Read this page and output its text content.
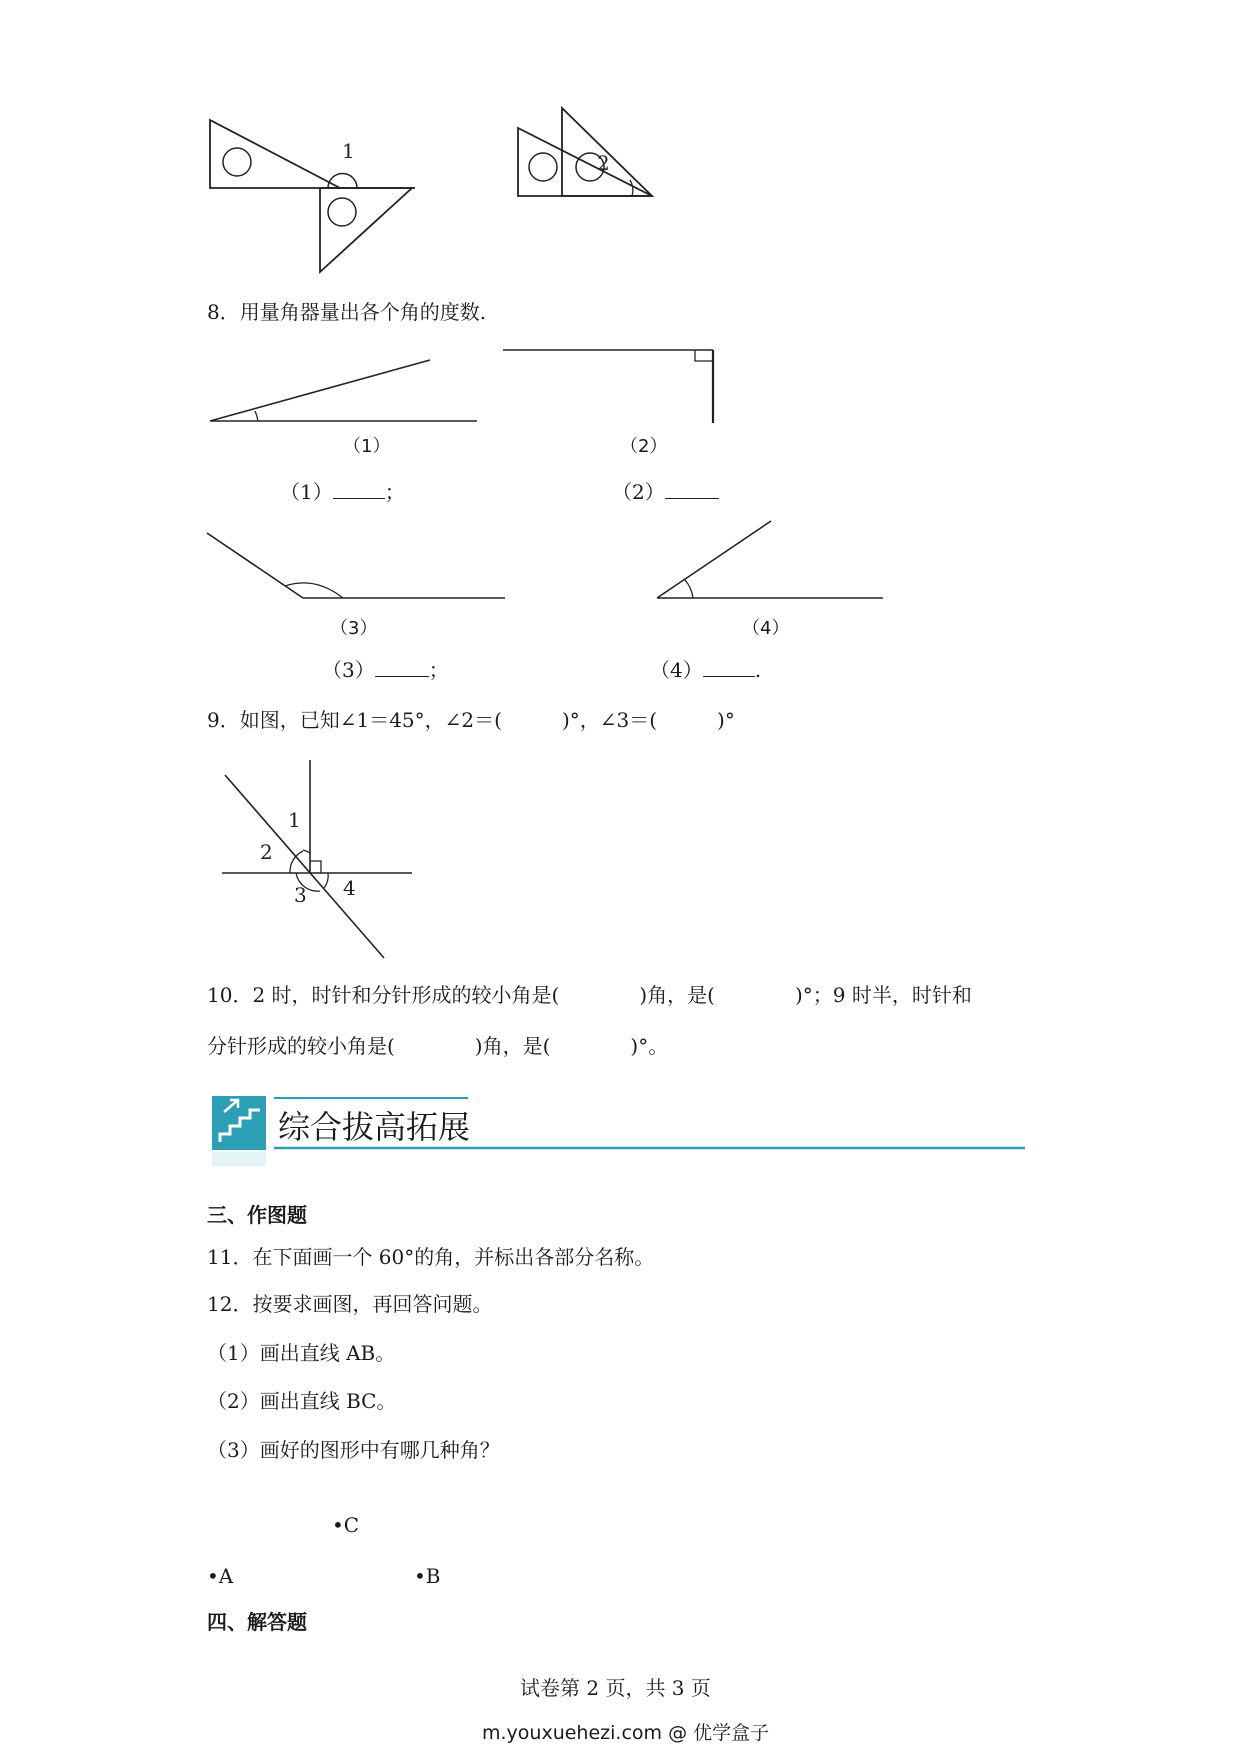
1	2
8．用量角器量出各个角的度数.
（1）	（2）
（1）	；	（2）
（3）	（4）
（3）	；	（4）	.
9．如图，已知∠1＝45°，∠2＝(　　　)°，∠3＝(　　　)°
1
2
3 4
10．2 时，时针和分针形成的较小角是(　　　　)角，是(　　　　)°；9 时半，时针和
分针形成的较小角是(　　　　)角，是(　　　　)°。
综合拔高拓展
三、作图题
11．在下面画一个 60°的角，并标出各部分名称。
12．按要求画图，再回答问题。
（1）画出直线 AB。
（2）画出直线 BC。
（3）画好的图形中有哪几种角？
•C
•A	•B
四、解答题
试卷第 2 页，共 3 页
m.youxuehezi.com @ 优学盒子
